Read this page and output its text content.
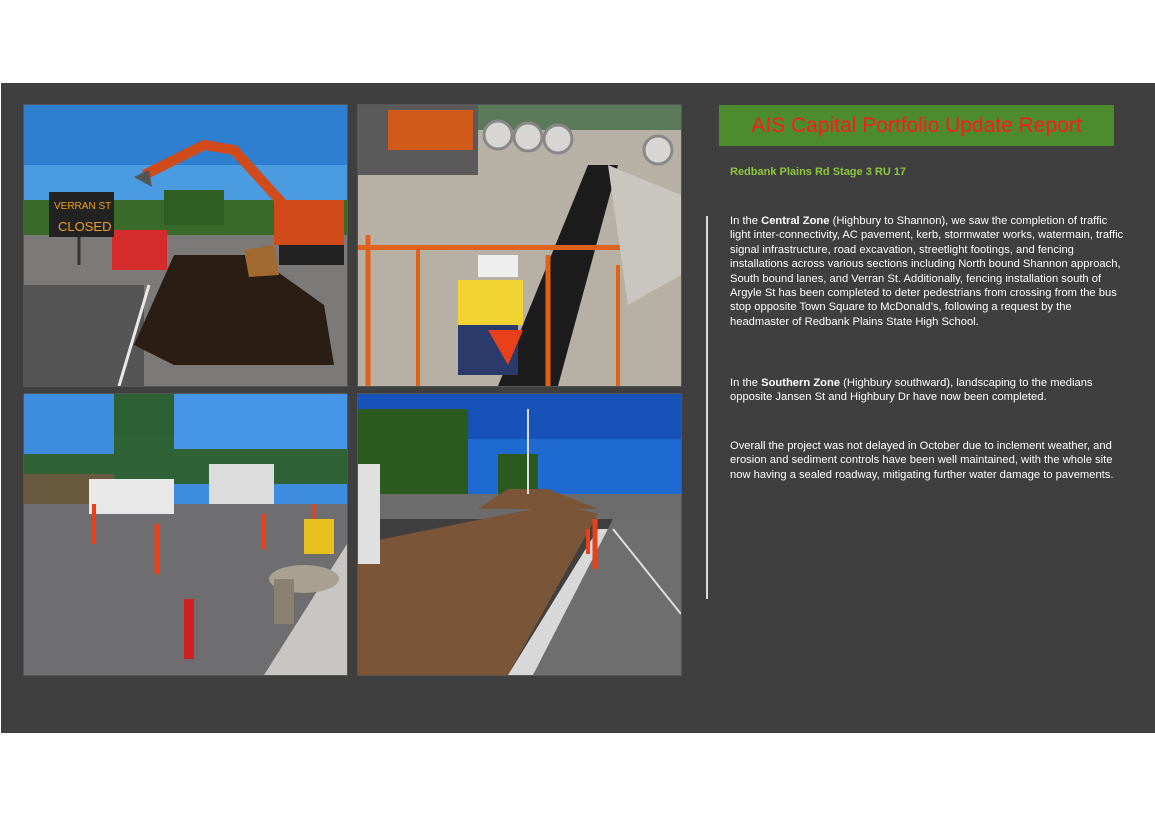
VERRAN ST
CLOSED
AIS Capital Portfolio Update Report
Redbank Plains Rd Stage 3 RU 17
In the Central Zone (Highbury to Shannon), we saw the completion of traffic light inter-connectivity, AC pavement, kerb, stormwater works, watermain, traffic signal infrastructure, road excavation, streetlight footings, and fencing installations across various sections including North bound Shannon approach, South bound lanes, and Verran St. Additionally, fencing installation south of Argyle St has been completed to deter pedestrians from crossing from the bus stop opposite Town Square to McDonald’s, following a request by the headmaster of Redbank Plains State High School.
In the Southern Zone (Highbury southward), landscaping to the medians opposite Jansen St and Highbury Dr have now been completed.
Overall the project was not delayed in October due to inclement weather, and erosion and sediment controls have been well maintained, with the whole site now having a sealed roadway, mitigating further water damage to pavements.
